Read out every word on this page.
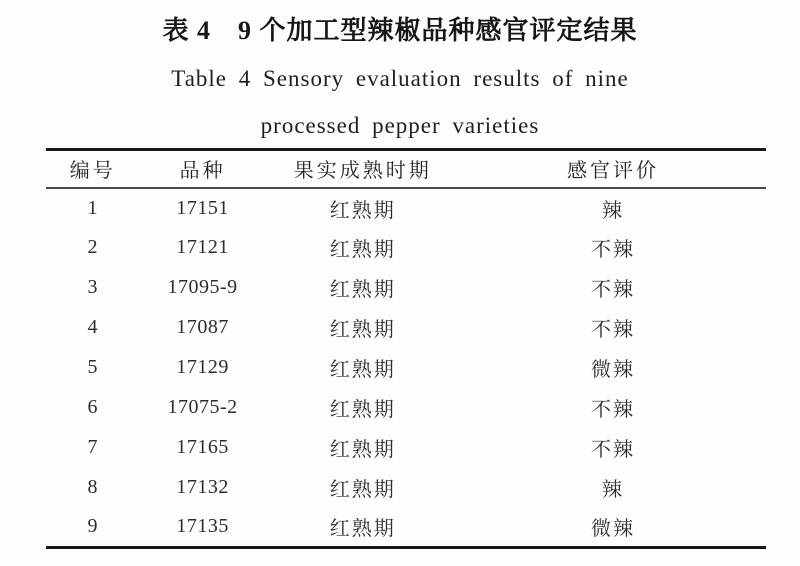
表 4　9 个加工型辣椒品种感官评定结果
Table 4 Sensory evaluation results of nine
processed pepper varieties
编号	品种	果实成熟时期	感官评价
1	17151	红熟期	辣
2	17121	红熟期	不辣
3	17095-9	红熟期	不辣
4	17087	红熟期	不辣
5	17129	红熟期	微辣
6	17075-2	红熟期	不辣
7	17165	红熟期	不辣
8	17132	红熟期	辣
9	17135	红熟期	微辣
